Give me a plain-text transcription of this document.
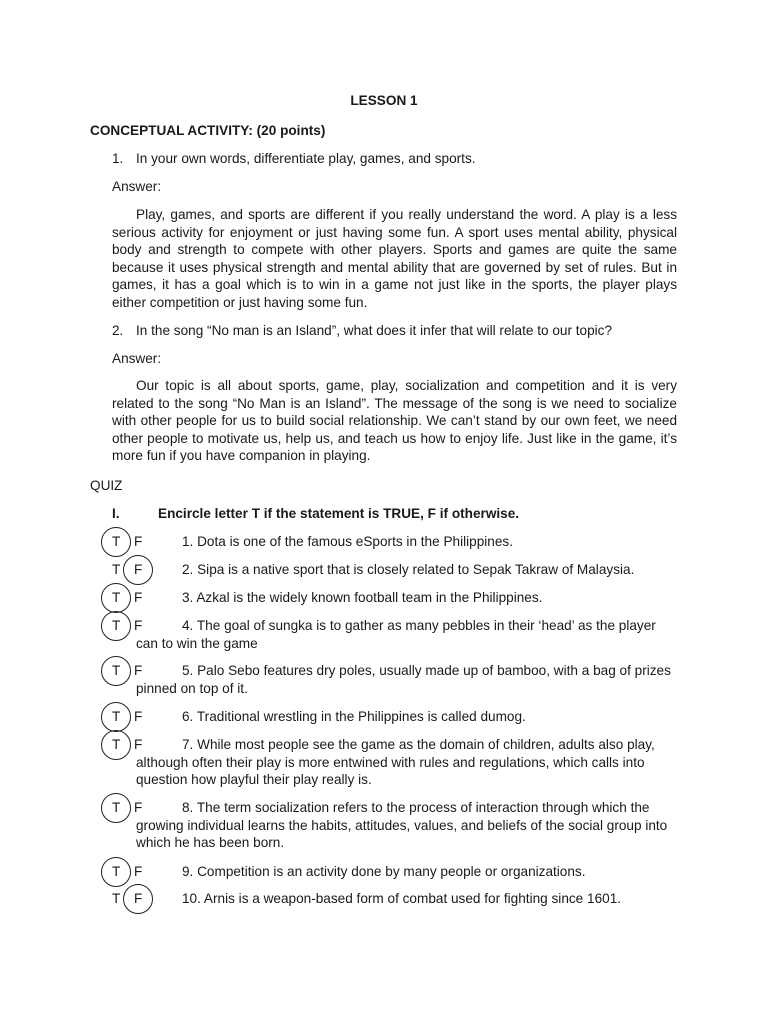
LESSON 1
CONCEPTUAL ACTIVITY: (20 points)
1. In your own words, differentiate play, games, and sports.
Answer:
Play, games, and sports are different if you really understand the word. A play is a less serious activity for enjoyment or just having some fun. A sport uses mental ability, physical body and strength to compete with other players. Sports and games are quite the same because it uses physical strength and mental ability that are governed by set of rules. But in games, it has a goal which is to win in a game not just like in the sports, the player plays either competition or just having some fun.
2. In the song “No man is an Island”, what does it infer that will relate to our topic?
Answer:
Our topic is all about sports, game, play, socialization and competition and it is very related to the song “No Man is an Island”. The message of the song is we need to socialize with other people for us to build social relationship. We can’t stand by our own feet, we need other people to motivate us, help us, and teach us how to enjoy life. Just like in the game, it’s more fun if you have companion in playing.
QUIZ
I.	Encircle letter T if the statement is TRUE, F if otherwise.
T F	1. Dota is one of the famous eSports in the Philippines.
T F	2. Sipa is a native sport that is closely related to Sepak Takraw of Malaysia.
T F	3. Azkal is the widely known football team in the Philippines.
T F	4. The goal of sungka is to gather as many pebbles in their ‘head’ as the player can to win the game
T F	5. Palo Sebo features dry poles, usually made up of bamboo, with a bag of prizes pinned on top of it.
T F	6. Traditional wrestling in the Philippines is called dumog.
T F	7. While most people see the game as the domain of children, adults also play, although often their play is more entwined with rules and regulations, which calls into question how playful their play really is.
T F	8. The term socialization refers to the process of interaction through which the growing individual learns the habits, attitudes, values, and beliefs of the social group into which he has been born.
T F	9. Competition is an activity done by many people or organizations.
T F	10. Arnis is a weapon-based form of combat used for fighting since 1601.
